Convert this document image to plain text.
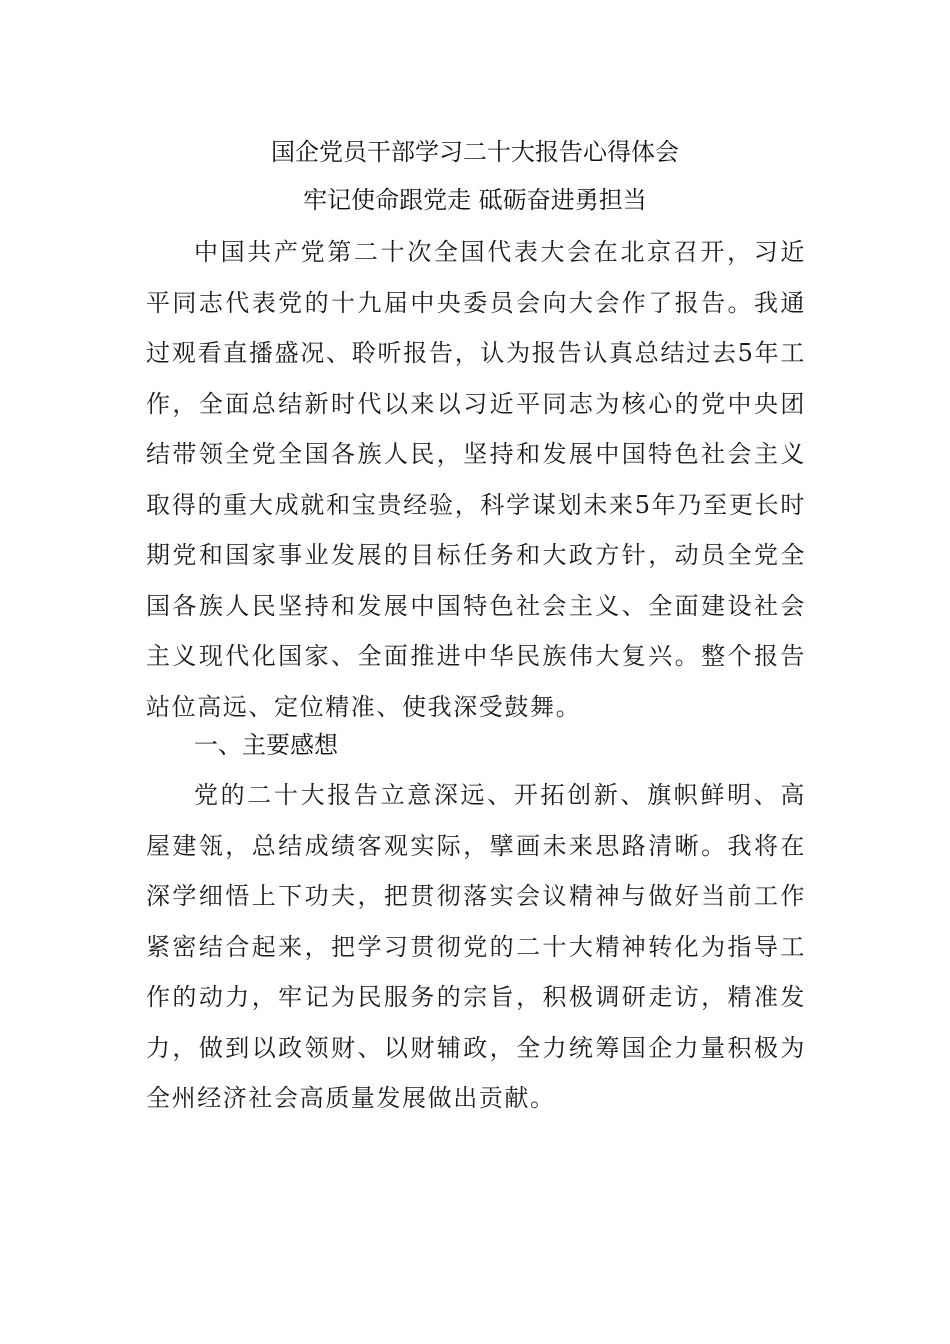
国企党员干部学习二十大报告心得体会
牢记使命跟党走 砥砺奋进勇担当

中国共产党第二十次全国代表大会在北京召开，习近平同志代表党的十九届中央委员会向大会作了报告。我通过观看直播盛况、聆听报告，认为报告认真总结过去5年工作，全面总结新时代以来以习近平同志为核心的党中央团结带领全党全国各族人民，坚持和发展中国特色社会主义取得的重大成就和宝贵经验，科学谋划未来5年乃至更长时期党和国家事业发展的目标任务和大政方针，动员全党全国各族人民坚持和发展中国特色社会主义、全面建设社会主义现代化国家、全面推进中华民族伟大复兴。整个报告站位高远、定位精准、使我深受鼓舞。

一、主要感想

党的二十大报告立意深远、开拓创新、旗帜鲜明、高屋建瓴，总结成绩客观实际，擘画未来思路清晰。我将在深学细悟上下功夫，把贯彻落实会议精神与做好当前工作紧密结合起来，把学习贯彻党的二十大精神转化为指导工作的动力，牢记为民服务的宗旨，积极调研走访，精准发力，做到以政领财、以财辅政，全力统筹国企力量积极为全州经济社会高质量发展做出贡献。
